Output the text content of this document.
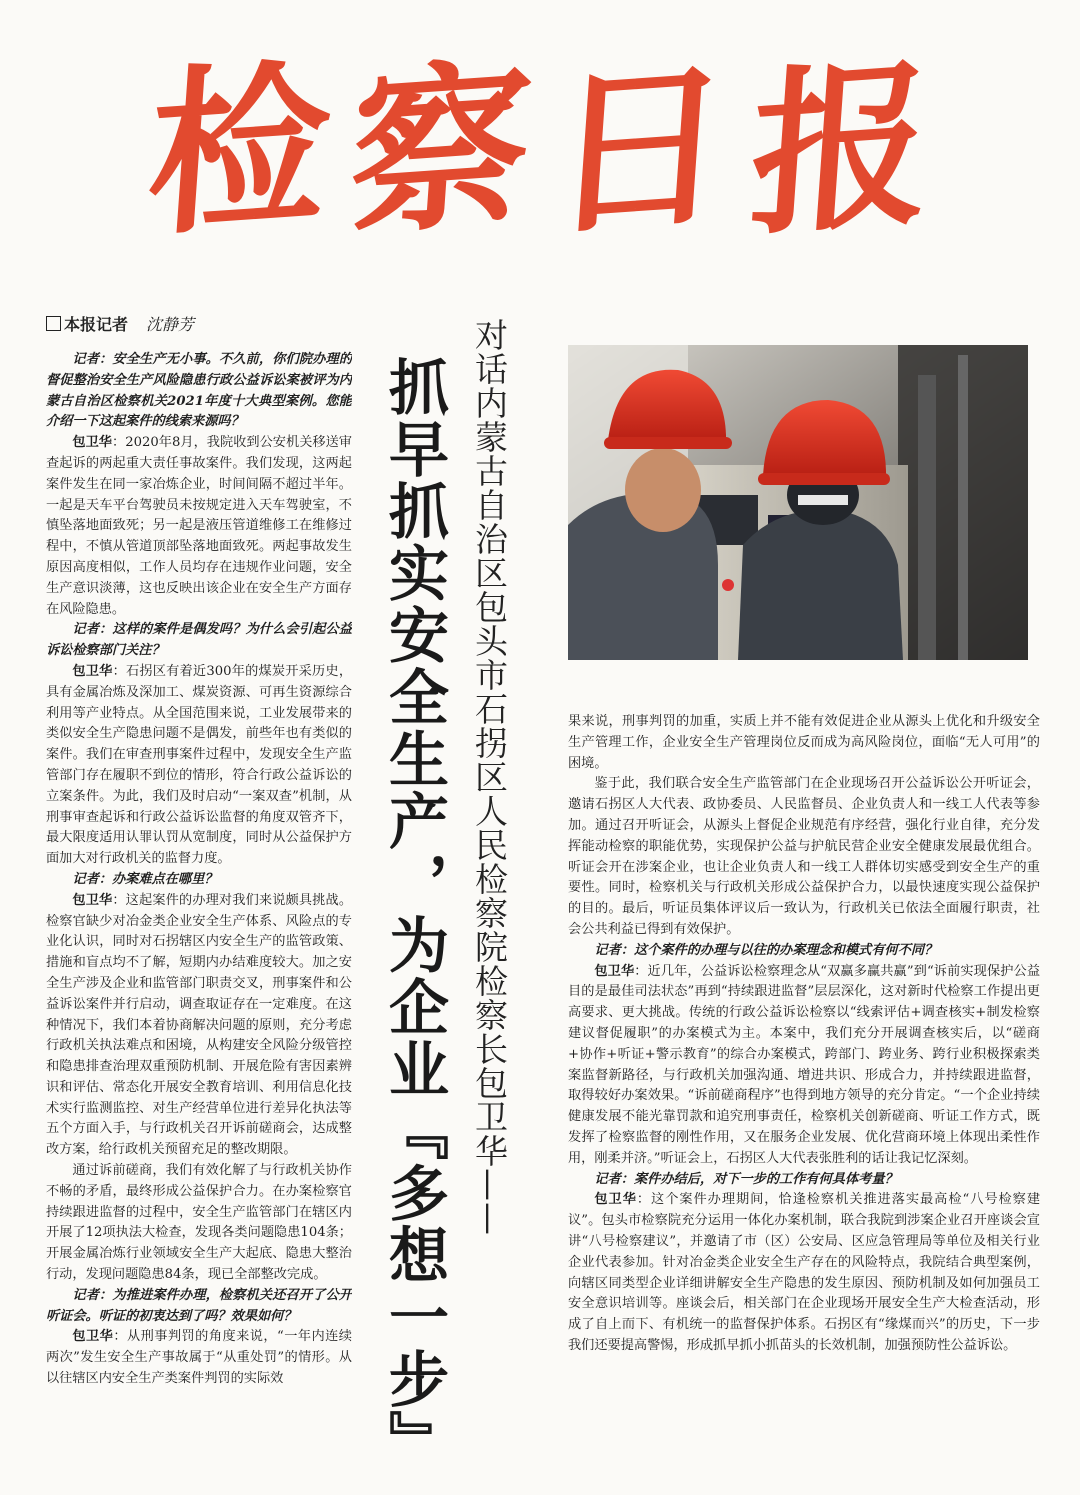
检 察 日 报
本报记者 沈静芳

记者：安全生产无小事。不久前，你们院办理的督促整治安全生产风险隐患行政公益诉讼案被评为内蒙古自治区检察机关2021年度十大典型案例。您能介绍一下这起案件的线索来源吗？

包卫华：2020年8月，我院收到公安机关移送审查起诉的两起重大责任事故案件。我们发现，这两起案件发生在同一家冶炼企业，时间间隔不超过半年。一起是天车平台驾驶员未按规定进入天车驾驶室，不慎坠落地面致死；另一起是液压管道维修工在维修过程中，不慎从管道顶部坠落地面致死。两起事故发生原因高度相似，工作人员均存在违规作业问题，安全生产意识淡薄，这也反映出该企业在安全生产方面存在风险隐患。

记者：这样的案件是偶发吗？为什么会引起公益诉讼检察部门关注？

包卫华：石拐区有着近300年的煤炭开采历史，具有金属冶炼及深加工、煤炭资源、可再生资源综合利用等产业特点。从全国范围来说，工业发展带来的类似安全生产隐患问题不是偶发，前些年也有类似的案件。我们在审查刑事案件过程中，发现安全生产监管部门存在履职不到位的情形，符合行政公益诉讼的立案条件。为此，我们及时启动“一案双查”机制，从刑事审查起诉和行政公益诉讼监督的角度双管齐下，最大限度适用认罪认罚从宽制度，同时从公益保护方面加大对行政机关的监督力度。

记者：办案难点在哪里？

包卫华：这起案件的办理对我们来说颇具挑战。检察官缺少对冶金类企业安全生产体系、风险点的专业化认识，同时对石拐辖区内安全生产的监管政策、措施和盲点均不了解，短期内办结难度较大。加之安全生产涉及企业和监管部门职责交叉，刑事案件和公益诉讼案件并行启动，调查取证存在一定难度。在这种情况下，我们本着协商解决问题的原则，充分考虑行政机关执法难点和困境，从构建安全风险分级管控和隐患排查治理双重预防机制、开展危险有害因素辨识和评估、常态化开展安全教育培训、利用信息化技术实行监测监控、对生产经营单位进行差异化执法等五个方面入手，与行政机关召开诉前磋商会，达成整改方案，给行政机关预留充足的整改期限。

通过诉前磋商，我们有效化解了与行政机关协作不畅的矛盾，最终形成公益保护合力。在办案检察官持续跟进监督的过程中，安全生产监管部门在辖区内开展了12项执法大检查，发现各类问题隐患104条；开展金属冶炼行业领域安全生产大起底、隐患大整治行动，发现问题隐患84条，现已全部整改完成。

记者：为推进案件办理，检察机关还召开了公开听证会。听证的初衷达到了吗？效果如何？

包卫华：从刑事判罚的角度来说，“一年内连续两次”发生安全生产事故属于“从重处罚”的情形。从以往辖区内安全生产类案件判罚的实际效

对话内蒙古自治区包头市石拐区人民检察院检察长包卫华——
抓早抓实安全生产，为企业『多想一步』	果来说，刑事判罚的加重，实质上并不能有效促进企业从源头上优化和升级安全生产管理工作，企业安全生产管理岗位反而成为高风险岗位，面临“无人可用”的困境。

鉴于此，我们联合安全生产监管部门在企业现场召开公益诉讼公开听证会，邀请石拐区人大代表、政协委员、人民监督员、企业负责人和一线工人代表等参加。通过召开听证会，从源头上督促企业规范有序经营，强化行业自律，充分发挥能动检察的职能优势，实现保护公益与护航民营企业安全健康发展最优组合。听证会开在涉案企业，也让企业负责人和一线工人群体切实感受到安全生产的重要性。同时，检察机关与行政机关形成公益保护合力，以最快速度实现公益保护的目的。最后，听证员集体评议后一致认为，行政机关已依法全面履行职责，社会公共利益已得到有效保护。

记者：这个案件的办理与以往的办案理念和模式有何不同？

包卫华：近几年，公益诉讼检察理念从“双赢多赢共赢”到“诉前实现保护公益目的是最佳司法状态”再到“持续跟进监督”层层深化，这对新时代检察工作提出更高要求、更大挑战。传统的行政公益诉讼检察以“线索评估+调查核实+制发检察建议督促履职”的办案模式为主。本案中，我们充分开展调查核实后，以“磋商+协作+听证+警示教育”的综合办案模式，跨部门、跨业务、跨行业积极探索类案监督新路径，与行政机关加强沟通、增进共识、形成合力，并持续跟进监督，取得较好办案效果。“诉前磋商程序”也得到地方领导的充分肯定。“一个企业持续健康发展不能光靠罚款和追究刑事责任，检察机关创新磋商、听证工作方式，既发挥了检察监督的刚性作用，又在服务企业发展、优化营商环境上体现出柔性作用，刚柔并济。”听证会上，石拐区人大代表张胜利的话让我记忆深刻。

记者：案件办结后，对下一步的工作有何具体考量？

包卫华：这个案件办理期间，恰逢检察机关推进落实最高检“八号检察建议”。包头市检察院充分运用一体化办案机制，联合我院到涉案企业召开座谈会宣讲“八号检察建议”，并邀请了市（区）公安局、区应急管理局等单位及相关行业企业代表参加。针对冶金类企业安全生产存在的风险特点，我院结合典型案例，向辖区同类型企业详细讲解安全生产隐患的发生原因、预防机制及如何加强员工安全意识培训等。座谈会后，相关部门在企业现场开展安全生产大检查活动，形成了自上而下、有机统一的监督保护体系。石拐区有“缘煤而兴”的历史，下一步我们还要提高警惕，形成抓早抓小抓苗头的长效机制，加强预防性公益诉讼。
